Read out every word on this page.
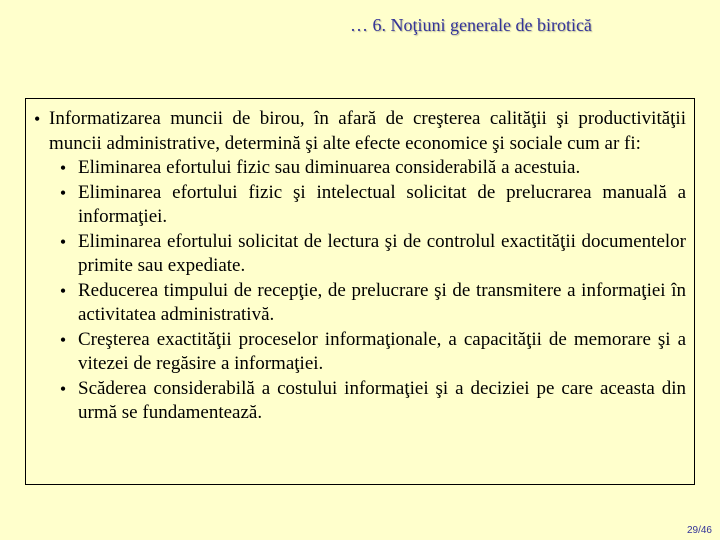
… 6. Noţiuni generale de birotică
• Informatizarea muncii de birou, în afară de creşterea calităţii şi productivităţii muncii administrative, determină şi alte efecte economice şi sociale cum ar fi:
• Eliminarea efortului fizic sau diminuarea considerabilă a acestuia.
• Eliminarea efortului fizic şi intelectual solicitat de prelucrarea manuală a informaţiei.
• Eliminarea efortului solicitat de lectura şi de controlul exactităţii documentelor primite sau expediate.
• Reducerea timpului de recepţie, de prelucrare şi de transmitere a informaţiei în activitatea administrativă.
• Creşterea exactităţii proceselor informaţionale, a capacităţii de memorare şi a vitezei de regăsire a informaţiei.
• Scăderea considerabilă a costului informaţiei şi a deciziei pe care aceasta din urmă se fundamentează.
29/46
